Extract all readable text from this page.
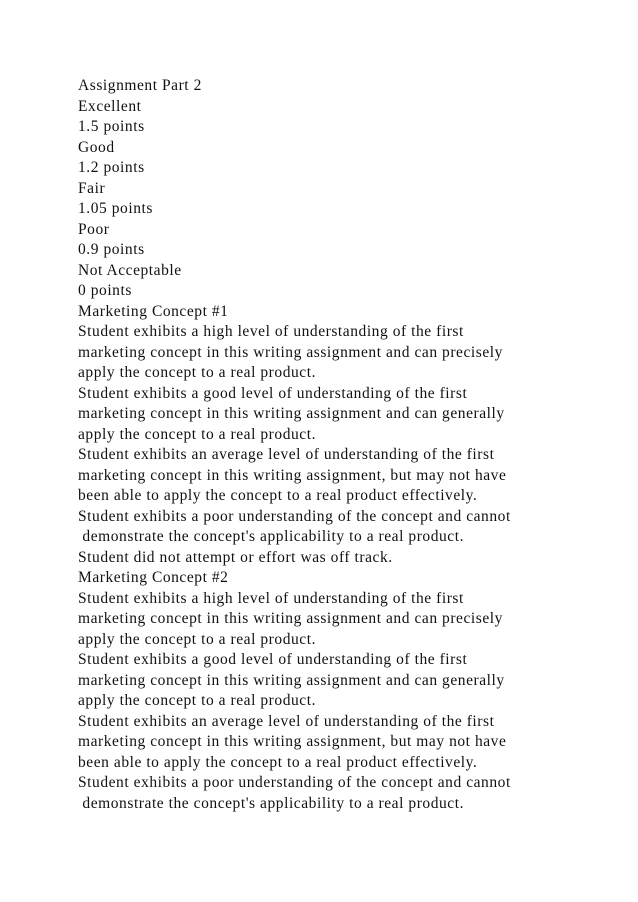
Assignment Part 2
Excellent
1.5 points
Good
1.2 points
Fair
1.05 points
Poor
0.9 points
Not Acceptable
0 points
Marketing Concept #1
Student exhibits a high level of understanding of the first
marketing concept in this writing assignment and can precisely
apply the concept to a real product.
Student exhibits a good level of understanding of the first
marketing concept in this writing assignment and can generally
apply the concept to a real product.
Student exhibits an average level of understanding of the first
marketing concept in this writing assignment, but may not have
been able to apply the concept to a real product effectively.
Student exhibits a poor understanding of the concept and cannot
demonstrate the concept's applicability to a real product.
Student did not attempt or effort was off track.
Marketing Concept #2
Student exhibits a high level of understanding of the first
marketing concept in this writing assignment and can precisely
apply the concept to a real product.
Student exhibits a good level of understanding of the first
marketing concept in this writing assignment and can generally
apply the concept to a real product.
Student exhibits an average level of understanding of the first
marketing concept in this writing assignment, but may not have
been able to apply the concept to a real product effectively.
Student exhibits a poor understanding of the concept and cannot
demonstrate the concept's applicability to a real product.
